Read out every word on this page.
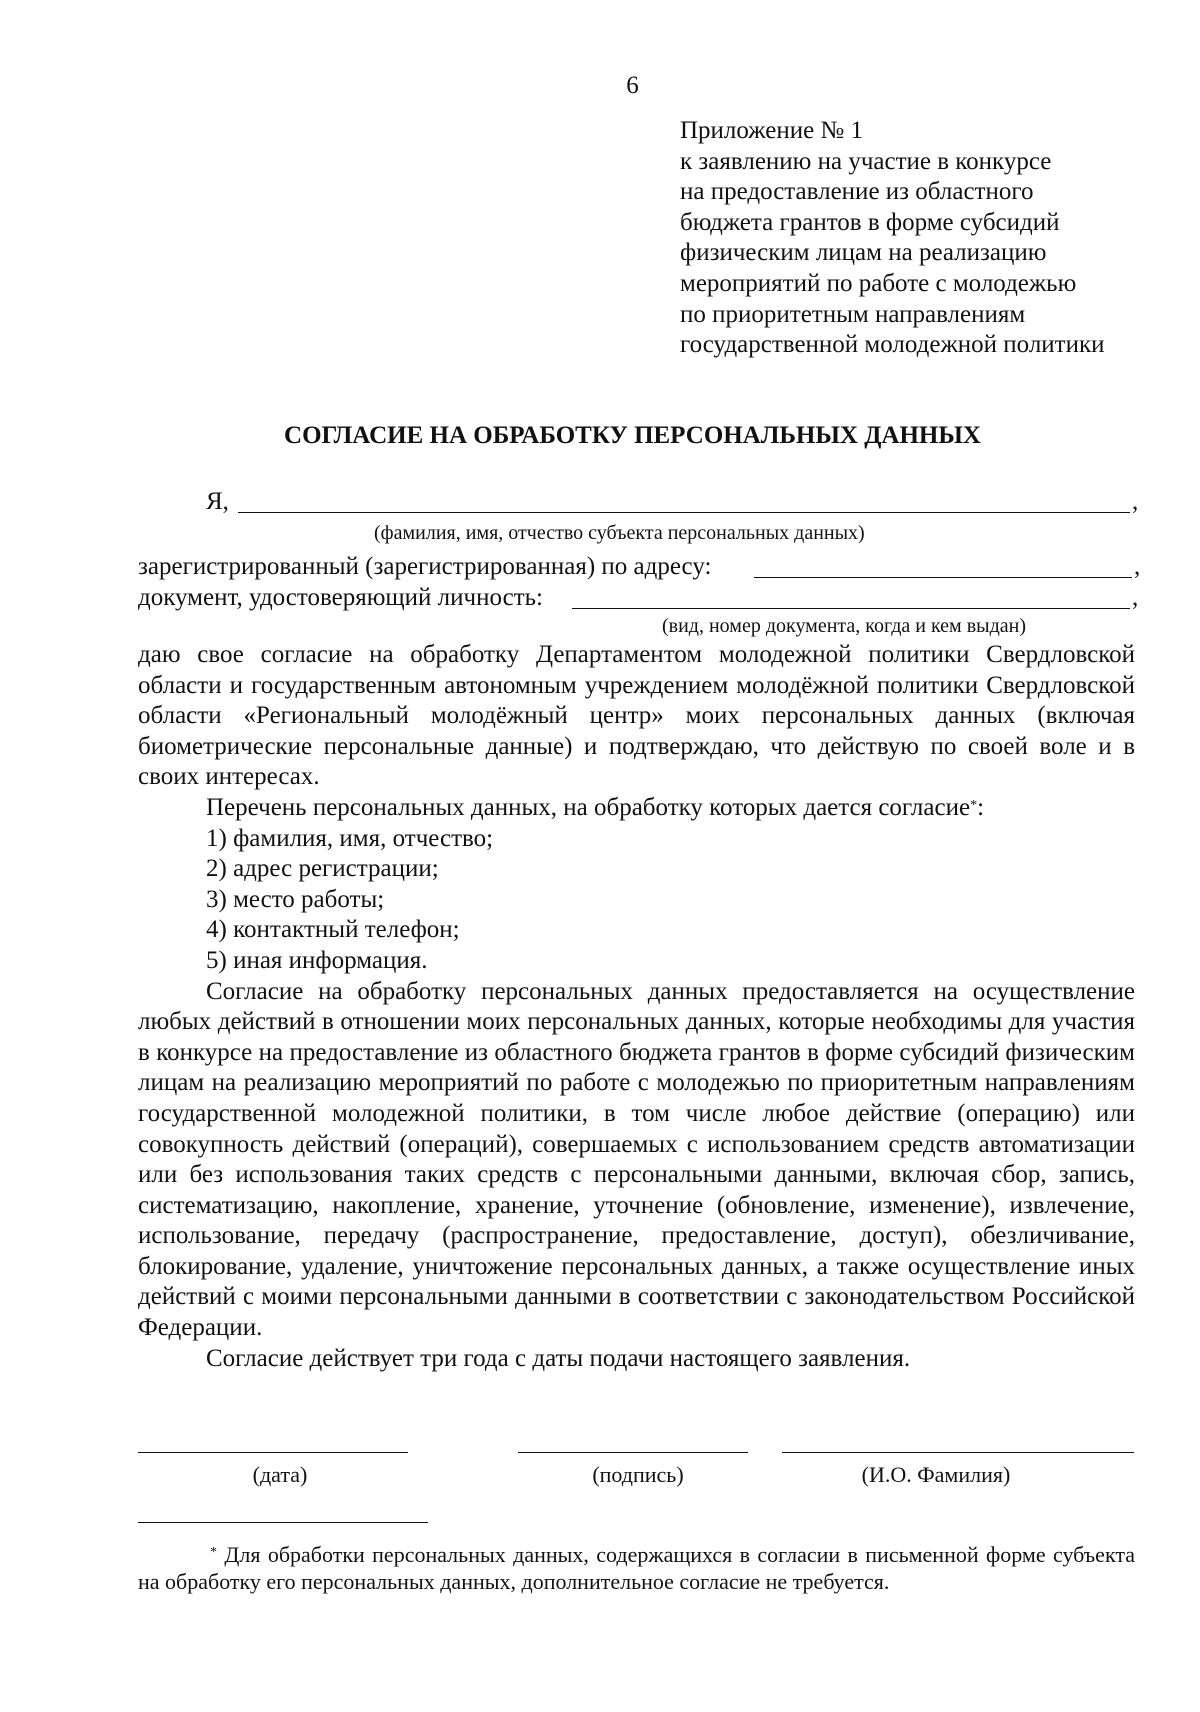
6
Приложение № 1
к заявлению на участие в конкурсе
на предоставление из областного
бюджета грантов в форме субсидий
физическим лицам на реализацию
мероприятий по работе с молодежью
по приоритетным направлениям
государственной молодежной политики
СОГЛАСИЕ НА ОБРАБОТКУ ПЕРСОНАЛЬНЫХ ДАННЫХ
Я,	,
(фамилия, имя, отчество субъекта персональных данных)
зарегистрированный (зарегистрированная) по адресу:	,
документ, удостоверяющий личность:	,
(вид, номер документа, когда и кем выдан)

даю свое согласие на обработку Департаментом молодежной политики Свердловской области и государственным автономным учреждением молодёжной политики Свердловской области «Региональный молодёжный центр» моих персональных данных (включая биометрические персональные данные) и подтверждаю, что действую по своей воле и в своих интересах.

Перечень персональных данных, на обработку которых дается согласие*:

1) фамилия, имя, отчество;

2) адрес регистрации;

3) место работы;

4) контактный телефон;

5) иная информация.

Согласие на обработку персональных данных предоставляется на осуществление любых действий в отношении моих персональных данных, которые необходимы для участия в конкурсе на предоставление из областного бюджета грантов в форме субсидий физическим лицам на реализацию мероприятий по работе с молодежью по приоритетным направлениям государственной молодежной политики, в том числе любое действие (операцию) или совокупность действий (операций), совершаемых с использованием средств автоматизации или без использования таких средств с персональными данными, включая сбор, запись, систематизацию, накопление, хранение, уточнение (обновление, изменение), извлечение, использование, передачу (распространение, предоставление, доступ), обезличивание, блокирование, удаление, уничтожение персональных данных, а также осуществление иных действий с моими персональными данными в соответствии с законодательством Российской Федерации.

Согласие действует три года с даты подачи настоящего заявления.

(дата)	(подпись)	(И.О. Фамилия)

* Для обработки персональных данных, содержащихся в согласии в письменной форме субъекта на обработку его персональных данных, дополнительное согласие не требуется.
